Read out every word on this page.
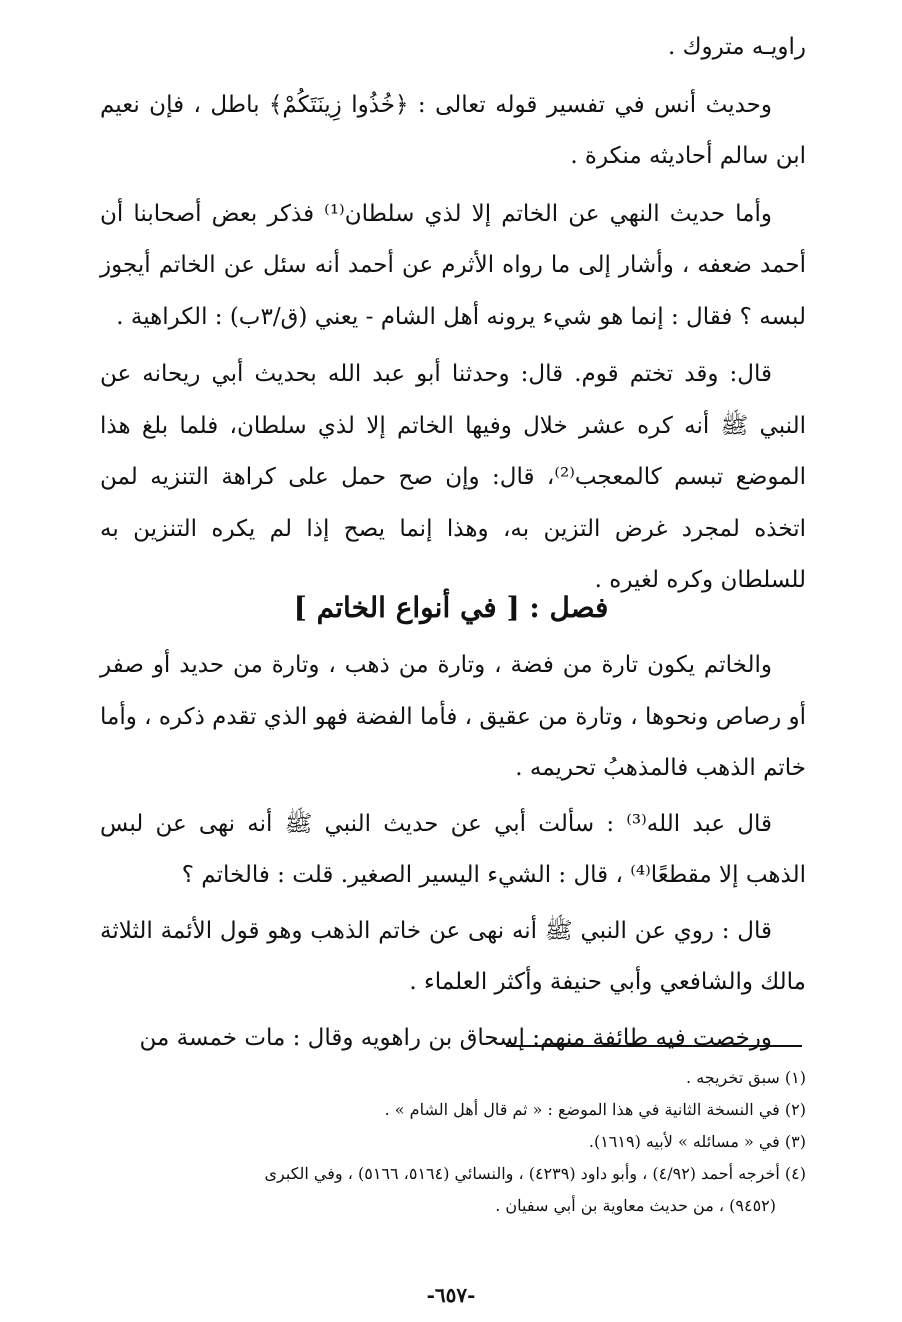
راويـه متروك .

وحديث أنس في تفسير قوله تعالى : ﴿خُذُوا زِينَتَكُمْ﴾ باطل ، فإن نعيم ابن سالم أحاديثه منكرة .

وأما حديث النهي عن الخاتم إلا لذي سلطان⁽¹⁾ فذكر بعض أصحابنا أن أحمد ضعفه ، وأشار إلى ما رواه الأثرم عن أحمد أنه سئل عن الخاتم أيجوز لبسه ؟ فقال : إنما هو شيء يرونه أهل الشام - يعني (ق/٣ب) : الكراهية .

قال: وقد تختم قوم. قال: وحدثنا أبو عبد الله بحديث أبي ريحانه عن النبي ﷺ أنه كره عشر خلال وفيها الخاتم إلا لذي سلطان، فلما بلغ هذا الموضع تبسم كالمعجب⁽²⁾، قال: وإن صح حمل على كراهة التنزيه لمن اتخذه لمجرد غرض التزين به، وهذا إنما يصح إذا لم يكره التنزين به للسلطان وكره لغيره .

فصل : [ في أنواع الخاتم ]

والخاتم يكون تارة من فضة ، وتارة من ذهب ، وتارة من حديد أو صفر أو رصاص ونحوها ، وتارة من عقيق ، فأما الفضة فهو الذي تقدم ذكره ، وأما خاتم الذهب فالمذهبُ تحريمه .

قال عبد الله⁽³⁾ : سألت أبي عن حديث النبي ﷺ أنه نهى عن لبس الذهب إلا مقطعًا⁽⁴⁾ ، قال : الشيء اليسير الصغير. قلت : فالخاتم ؟

قال : روي عن النبي ﷺ أنه نهى عن خاتم الذهب وهو قول الأئمة الثلاثة مالك والشافعي وأبي حنيفة وأكثر العلماء .

ورخصت فيه طائفة منهم: إسحاق بن راهويه وقال : مات خمسة من

(١) سبق تخريجه .
(٢) في النسخة الثانية في هذا الموضع : « ثم قال أهل الشام » .
(٣) في « مسائله » لأبيه (١٦١٩).
(٤) أخرجه أحمد (٤/٩٢) ، وأبو داود (٤٢٣٩) ، والنسائي (٥١٦٤، ٥١٦٦) ، وفي الكبرى
(٩٤٥٢) ، من حديث معاوية بن أبي سفيان .
-٦٥٧-
